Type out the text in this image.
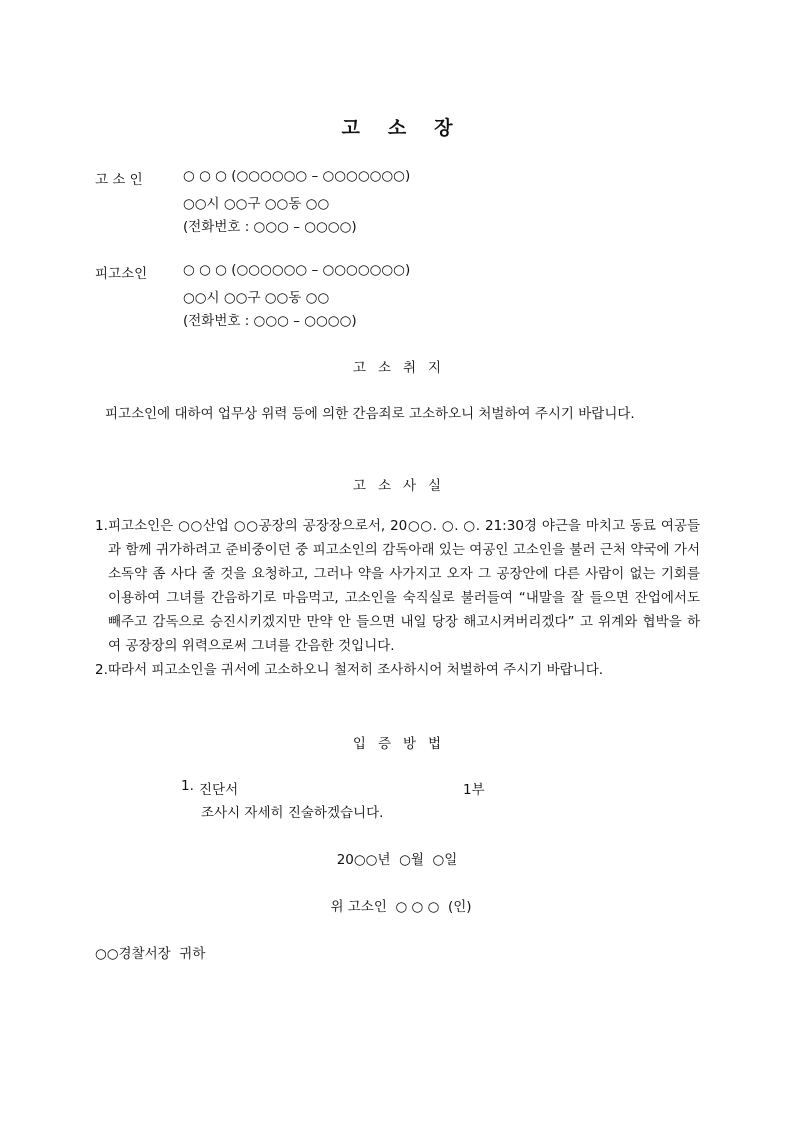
고 소 장
고 소 인	○ ○ ○ (○○○○○○ – ○○○○○○○)
○○시 ○○구 ○○동 ○○
(전화번호 : ○○○ – ○○○○)
피고소인	○ ○ ○ (○○○○○○ – ○○○○○○○)
○○시 ○○구 ○○동 ○○
(전화번호 : ○○○ – ○○○○)
고 소 취 지
피고소인에 대하여 업무상 위력 등에 의한 간음죄로 고소하오니 처벌하여 주시기 바랍니다.
고 소 사 실
1. 피고소인은 ○○산업 ○○공장의 공장장으로서, 20○○. ○. ○. 21:30경 야근을 마치고 동료 여공들과 함께 귀가하려고 준비중이던 중 피고소인의 감독아래 있는 여공인 고소인을 불러 근처 약국에 가서 소독약 좀 사다 줄 것을 요청하고, 그러나 약을 사가지고 오자 그 공장안에 다른 사람이 없는 기회를 이용하여 그녀를 간음하기로 마음먹고, 고소인을 숙직실로 불러들여 “내말을 잘 들으면 잔업에서도 빼주고 감독으로 승진시키겠지만 만약 안 들으면 내일 당장 해고시켜버리겠다” 고 위계와 협박을 하여 공장장의 위력으로써 그녀를 간음한 것입니다.
2. 따라서 피고소인을 귀서에 고소하오니 철저히 조사하시어 처벌하여 주시기 바랍니다.
입 증 방 법
1. 진단서	1부
조사시 자세히 진술하겠습니다.
20○○년  ○월  ○일
위 고소인  ○ ○ ○  (인)
○○경찰서장  귀하
